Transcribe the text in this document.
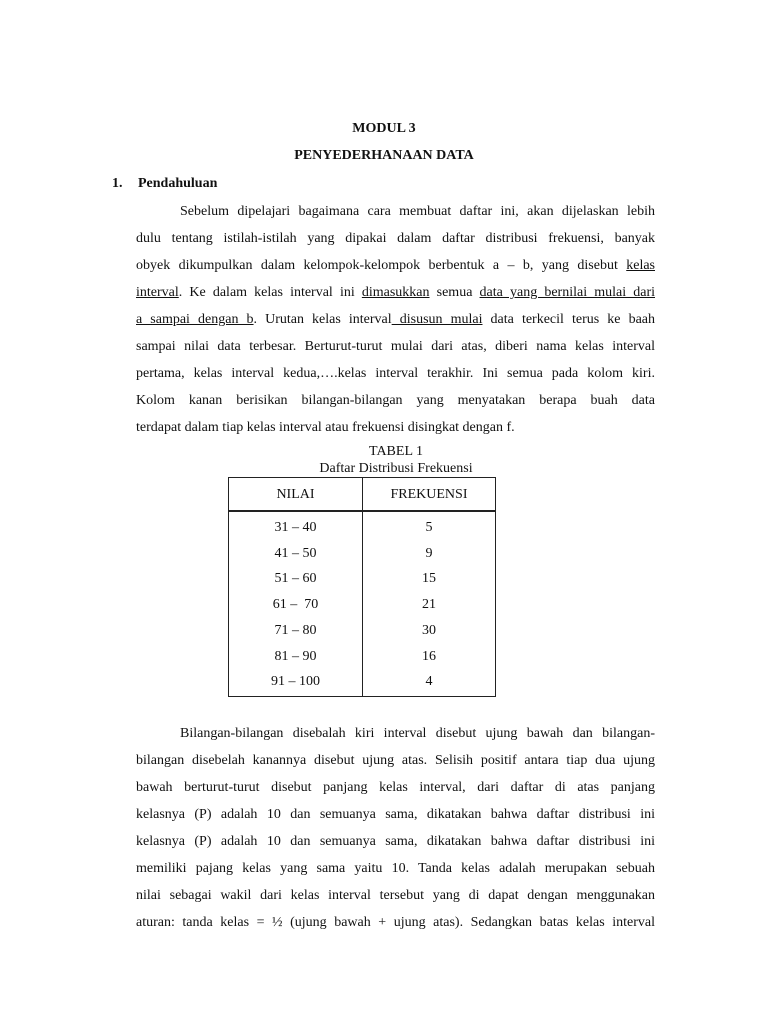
MODUL 3
PENYEDERHANAAN DATA
1. Pendahuluan
Sebelum dipelajari bagaimana cara membuat daftar ini, akan dijelaskan lebih
dulu tentang istilah-istilah yang dipakai dalam daftar distribusi frekuensi, banyak
obyek dikumpulkan dalam kelompok-kelompok berbentuk a – b, yang disebut kelas
interval. Ke dalam kelas interval ini dimasukkan semua data yang bernilai mulai dari
a sampai dengan b. Urutan kelas interval disusun mulai data terkecil terus ke baah
sampai nilai data terbesar. Berturut-turut mulai dari atas, diberi nama kelas interval
pertama, kelas interval kedua,….kelas interval terakhir. Ini semua pada kolom kiri.
Kolom kanan berisikan bilangan-bilangan yang menyatakan berapa buah data
terdapat dalam tiap kelas interval atau frekuensi disingkat dengan f.
TABEL 1
Daftar Distribusi Frekuensi
NILAI	FREKUENSI
31 – 40	5
41 – 50	9
51 – 60	15
61 –  70	21
71 – 80	30
81 – 90	16
91 – 100	4
Bilangan-bilangan disebalah kiri interval disebut ujung bawah dan bilangan-
bilangan disebelah kanannya disebut ujung atas. Selisih positif antara tiap dua ujung
bawah berturut-turut disebut panjang kelas interval, dari daftar di atas panjang
kelasnya (P) adalah 10 dan semuanya sama, dikatakan bahwa daftar distribusi ini
kelasnya (P) adalah 10 dan semuanya sama, dikatakan bahwa daftar distribusi ini
memiliki pajang kelas yang sama yaitu 10. Tanda kelas adalah merupakan sebuah
nilai sebagai wakil dari kelas interval tersebut yang di dapat dengan menggunakan
aturan: tanda kelas = ½ (ujung bawah + ujung atas). Sedangkan batas kelas interval
